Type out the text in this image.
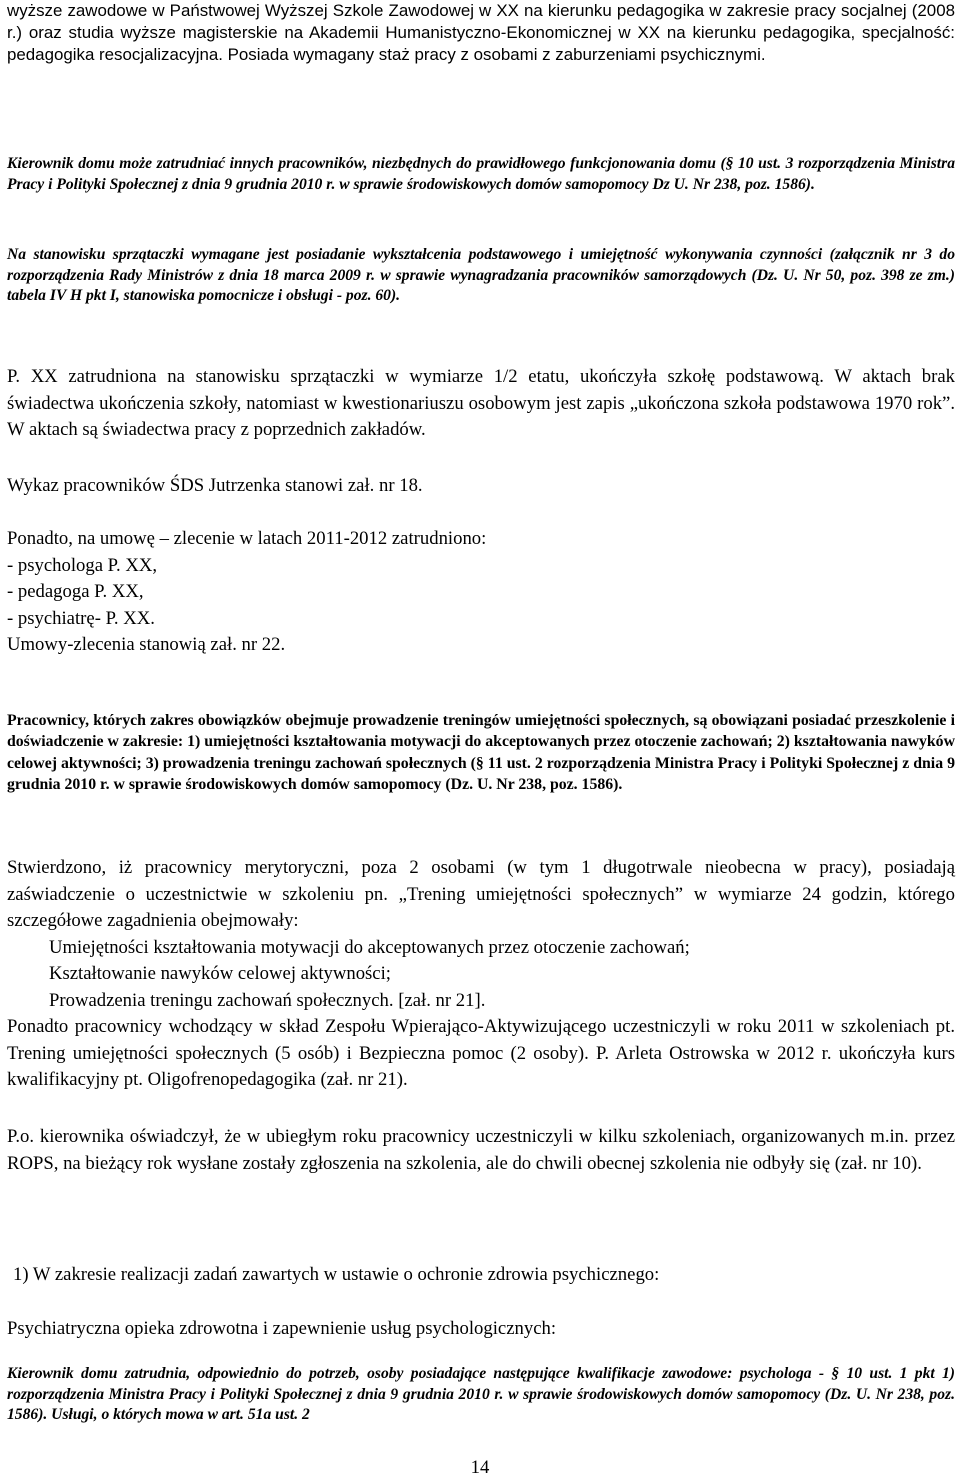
wyższe zawodowe w Państwowej Wyższej Szkole Zawodowej w XX na kierunku pedagogika w zakresie pracy socjalnej (2008 r.) oraz studia wyższe magisterskie na Akademii Humanistyczno-Ekonomicznej w XX na kierunku pedagogika, specjalność: pedagogika resocjalizacyjna. Posiada wymagany staż pracy z osobami z zaburzeniami psychicznymi.

Kierownik domu może zatrudniać innych pracowników, niezbędnych do prawidłowego funkcjonowania domu (§ 10 ust. 3 rozporządzenia Ministra Pracy i Polityki Społecznej z dnia 9 grudnia 2010 r. w sprawie środowiskowych domów samopomocy Dz U. Nr 238, poz. 1586).

Na stanowisku sprzątaczki wymagane jest posiadanie wykształcenia podstawowego i umiejętność wykonywania czynności (załącznik nr 3 do rozporządzenia Rady Ministrów z dnia 18 marca 2009 r. w sprawie wynagradzania pracowników samorządowych (Dz. U. Nr 50, poz. 398 ze zm.) tabela IV H pkt I, stanowiska pomocnicze i obsługi - poz. 60).

P. XX zatrudniona na stanowisku sprzątaczki w wymiarze 1/2 etatu, ukończyła szkołę podstawową. W aktach brak świadectwa ukończenia szkoły, natomiast w kwestionariuszu osobowym jest zapis „ukończona szkoła podstawowa 1970 rok”. W aktach są świadectwa pracy z poprzednich zakładów.

Wykaz pracowników ŚDS Jutrzenka stanowi zał. nr 18.

Ponadto, na umowę – zlecenie w latach 2011-2012 zatrudniono:
- psychologa P. XX,
- pedagoga P. XX,
- psychiatrę- P. XX.
Umowy-zlecenia stanowią zał. nr 22.

Pracownicy, których zakres obowiązków obejmuje prowadzenie treningów umiejętności społecznych, są obowiązani posiadać przeszkolenie i doświadczenie w zakresie: 1) umiejętności kształtowania motywacji do akceptowanych przez otoczenie zachowań; 2) kształtowania nawyków celowej aktywności; 3) prowadzenia treningu zachowań społecznych (§ 11 ust. 2 rozporządzenia Ministra Pracy i Polityki Społecznej z dnia 9 grudnia 2010 r. w sprawie środowiskowych domów samopomocy (Dz. U. Nr 238, poz. 1586).

Stwierdzono, iż pracownicy merytoryczni, poza 2 osobami (w tym 1 długotrwale nieobecna w pracy), posiadają zaświadczenie o uczestnictwie w szkoleniu pn. „Trening umiejętności społecznych” w wymiarze 24 godzin, którego szczegółowe zagadnienia obejmowały:
Umiejętności kształtowania motywacji do akceptowanych przez otoczenie zachowań;
Kształtowanie nawyków celowej aktywności;
Prowadzenia treningu zachowań społecznych. [zał. nr 21].
Ponadto pracownicy wchodzący w skład Zespołu Wpierająco-Aktywizującego uczestniczyli w roku 2011 w szkoleniach pt. Trening umiejętności społecznych (5 osób) i Bezpieczna pomoc (2 osoby). P. Arleta Ostrowska w 2012 r. ukończyła kurs kwalifikacyjny pt. Oligofrenopedagogika (zał. nr 21).

P.o. kierownika oświadczył, że w ubiegłym roku pracownicy uczestniczyli w kilku szkoleniach, organizowanych m.in. przez ROPS, na bieżący rok wysłane zostały zgłoszenia na szkolenia, ale do chwili obecnej szkolenia nie odbyły się (zał. nr 10).

1) W zakresie realizacji zadań zawartych w ustawie o ochronie zdrowia psychicznego:

Psychiatryczna opieka zdrowotna i zapewnienie usług psychologicznych:

Kierownik domu zatrudnia, odpowiednio do potrzeb, osoby posiadające następujące kwalifikacje zawodowe: psychologa - § 10 ust. 1 pkt 1) rozporządzenia Ministra Pracy i Polityki Społecznej z dnia 9 grudnia 2010 r. w sprawie środowiskowych domów samopomocy (Dz. U. Nr 238, poz. 1586). Usługi, o których mowa w art. 51a ust. 2

14
